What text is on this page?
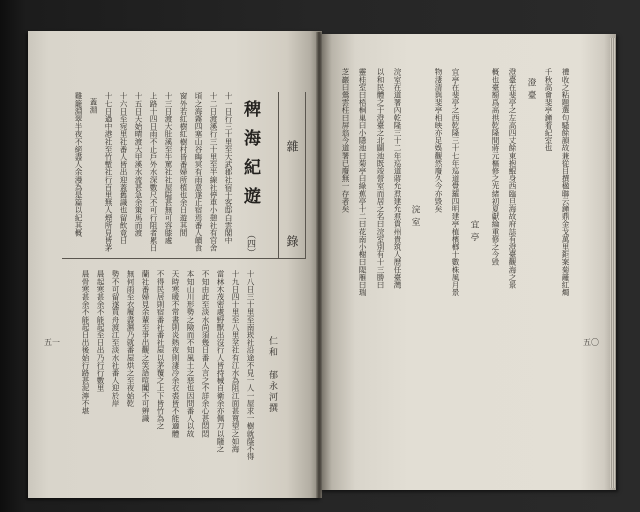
雜錄
稗海紀遊
（四）
十一日行三十里至大武郡社宿于客邸白雲閣中
十二日渡溪行三十里至半線社停車小憩社有官舍
頃之海霧四塞山谷晦冥有雨意遂止宿焉番人饋食
窗外若紅樹紅樹村皆番婦所植也余日遊其間
十三日渡大肚溪至牛罵社社屋隘甚無可容膝處
上路十四日雨不止戶外水深數尺不可行阻者累日
十五日天始晴渡大甲溪水流甚急余策馬而渡
十六日至宛里社番人皆出迎蓋舊識也留飲竟日
十七日過中港社至竹塹社行百里無人煙所見皆茅
蓋淵
雞籠淵翠半夜不絕盡人余漫為是篇以紀其概
仁和
郁永河撰
十八日三十里至南崁社沿途不見一人一屋求一樹就蔭不得
十九日四十里至八里坌社有江水為阻江面甚寬望之如海
當林木茂密處野獸出沒行人皆持械自衛余亦佩刀以隨之
不知由此至淡水尚須幾日番人言之不詳余心甚悶悶
本知山川形勢之險而不知風土之惡也因問番人以故
天時寒暖不常晝則炎熱夜則淒冷余衣裘皆不能適體
不得民居則宿番社番社屋以茅覆之上下皆竹為之
蘭社番婦見余輩至爭出觀之笑語喧闐不可辨識
無何雨至衣履盡濕乃就番屋烘之至夜始乾
勢不可留遂買舟渡江至淡水社番人迎於岸
晨起寒甚余不能起至日出乃行行數里
晨骨寒甚余不能起日出後始行路甚泥濘不堪
五一
禮收之粘題選句騷餘韻故兼從目撰楹聯云鐘鼎金戈萬里鉅案菊籬紅燭
千秋高會斐亭鐘着紀室也
澄臺
澄臺在斐亭之左高四丈餘東抱鯤身西臨旦海故府誌有澄臺觀海之景
概也臺額爲高拱乾隆間蔣元樞修之光緒初夏獻綸重修之今毀
宜亭
宜亭在斐亭之西乾隆三十七年巡道覺羅四明建亭植檳榔十數株風月景
物淒清與斐亭相映亦足娛觀然廢久今亦毀矣
浣室
浣室在道署內乾隆三十二年巡道蔣允焄建允焄貴州貴筑人歷任臺灣
以和民體之于澄臺之北闢池既竣營室而居之名曰浣室別有十三勝曰
靈桂室曰梧桐巢曰小隱池曰菊亭曰綠蕉亭十二曰花南小榭曰隄雁曰瑞
芝巖曰鶯雲柱曰屏翁今道署已廢無一存者矣
五〇
